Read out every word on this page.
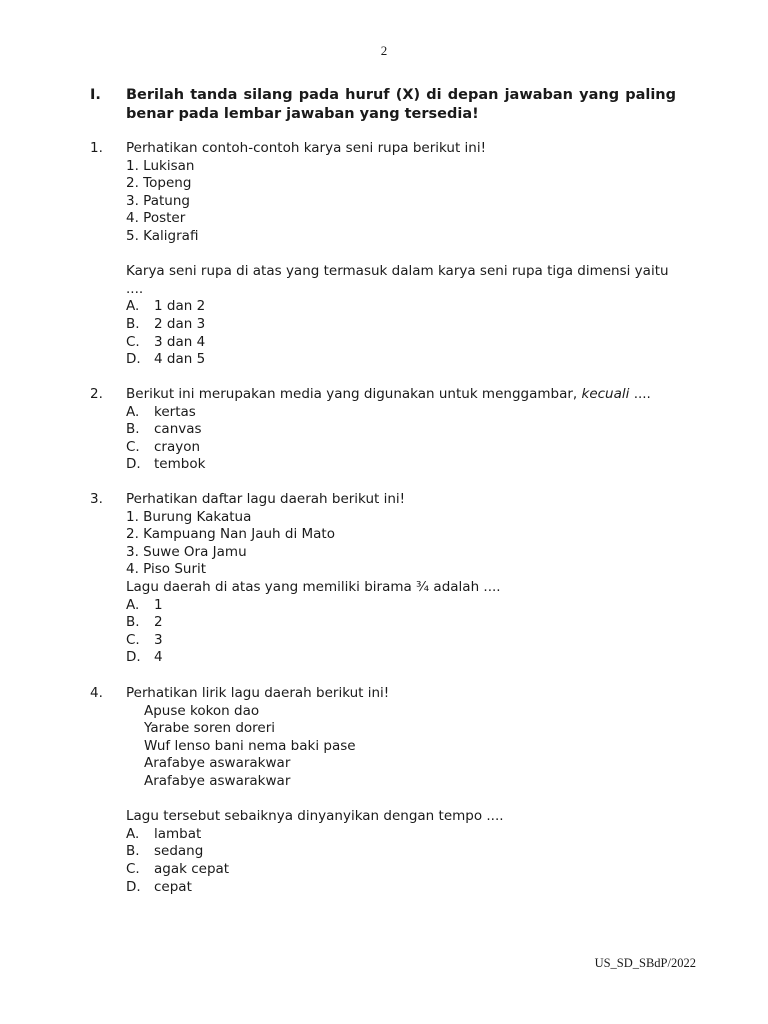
2
I. Berilah tanda silang pada huruf (X) di depan jawaban yang paling benar pada lembar jawaban yang tersedia!
1. Perhatikan contoh-contoh karya seni rupa berikut ini!
1. Lukisan
2. Topeng
3. Patung
4. Poster
5. Kaligrafi
Karya seni rupa di atas yang termasuk dalam karya seni rupa tiga dimensi yaitu ....
A. 1 dan 2
B. 2 dan 3
C. 3 dan 4
D. 4 dan 5
2. Berikut ini merupakan media yang digunakan untuk menggambar, kecuali ....
A. kertas
B. canvas
C. crayon
D. tembok
3. Perhatikan daftar lagu daerah berikut ini!
1. Burung Kakatua
2. Kampuang Nan Jauh di Mato
3. Suwe Ora Jamu
4. Piso Surit
Lagu daerah di atas yang memiliki birama ¾ adalah ....
A. 1
B. 2
C. 3
D. 4
4. Perhatikan lirik lagu daerah berikut ini!
Apuse kokon dao
Yarabe soren doreri
Wuf lenso bani nema baki pase
Arafabye aswarakwar
Arafabye aswarakwar
Lagu tersebut sebaiknya dinyanyikan dengan tempo ....
A. lambat
B. sedang
C. agak cepat
D. cepat
US_SD_SBdP/2022
